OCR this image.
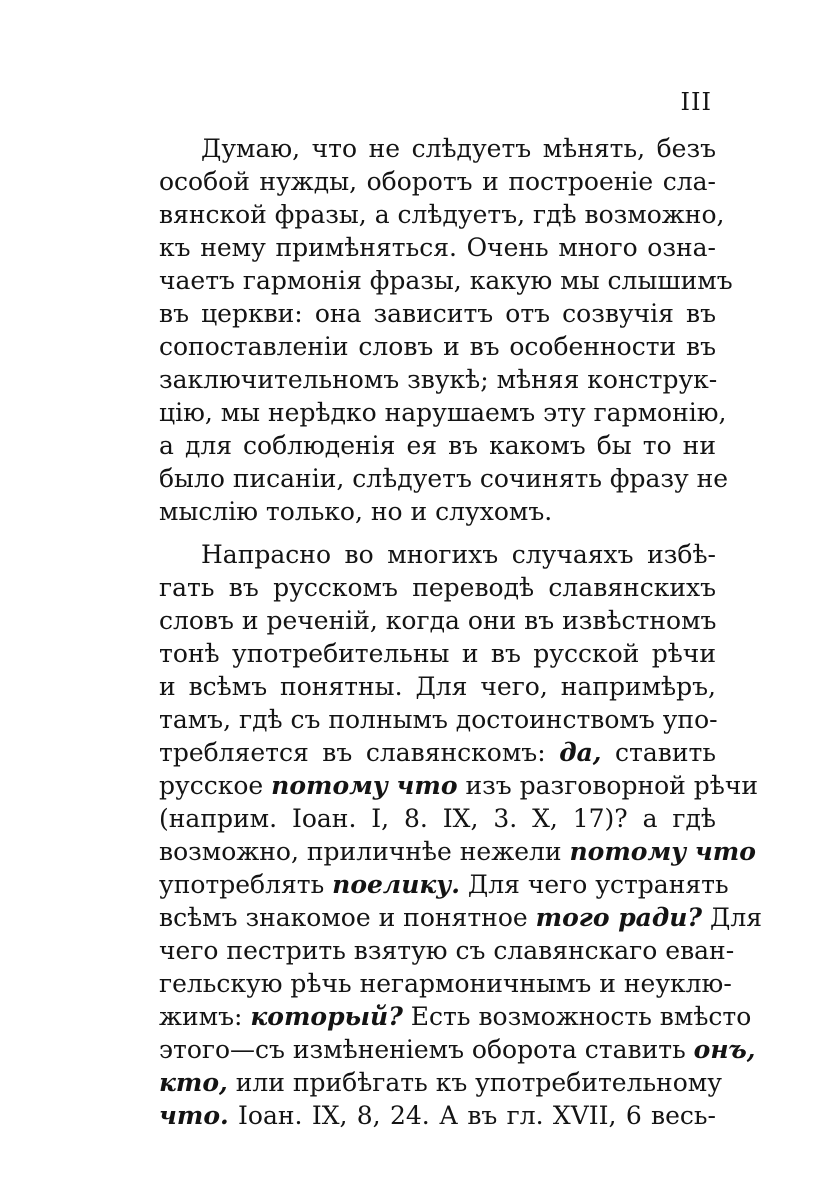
III
Думаю, что не слѣдуетъ мѣнять, безъ
особой нужды, оборотъ и построеніе сла-
вянской фразы, а слѣдуетъ, гдѣ возможно,
къ нему примѣняться. Очень много озна-
чаетъ гармонія фразы, какую мы слышимъ
въ церкви: она зависитъ отъ созвучія въ
сопоставленіи словъ и въ особенности въ
заключительномъ звукѣ; мѣняя конструк-
цію, мы нерѣдко нарушаемъ эту гармонію,
а для соблюденія ея въ какомъ бы то ни
было писаніи, слѣдуетъ сочинять фразу не
мыслію только, но и слухомъ.
Напрасно во многихъ случаяхъ избѣ-
гать въ русскомъ переводѣ славянскихъ
словъ и реченій, когда они въ извѣстномъ
тонѣ употребительны и въ русской рѣчи
и всѣмъ понятны. Для чего, напримѣръ,
тамъ, гдѣ съ полнымъ достоинствомъ упо-
требляется въ славянскомъ: да, ставить
русское потому что изъ разговорной рѣчи
(наприм. Іоан. I, 8. IX, 3. X, 17)? а гдѣ
возможно, приличнѣе нежели потому что
употреблять поелику. Для чего устранять
всѣмъ знакомое и понятное того ради? Для
чего пестрить взятую съ славянскаго еван-
гельскую рѣчь негармоничнымъ и неуклю-
жимъ: который? Есть возможность вмѣсто
этого—съ измѣненіемъ оборота ставить онъ,
кто, или прибѣгать къ употребительному
что. Іоан. IX, 8, 24. А въ гл. XVII, 6 весь-
